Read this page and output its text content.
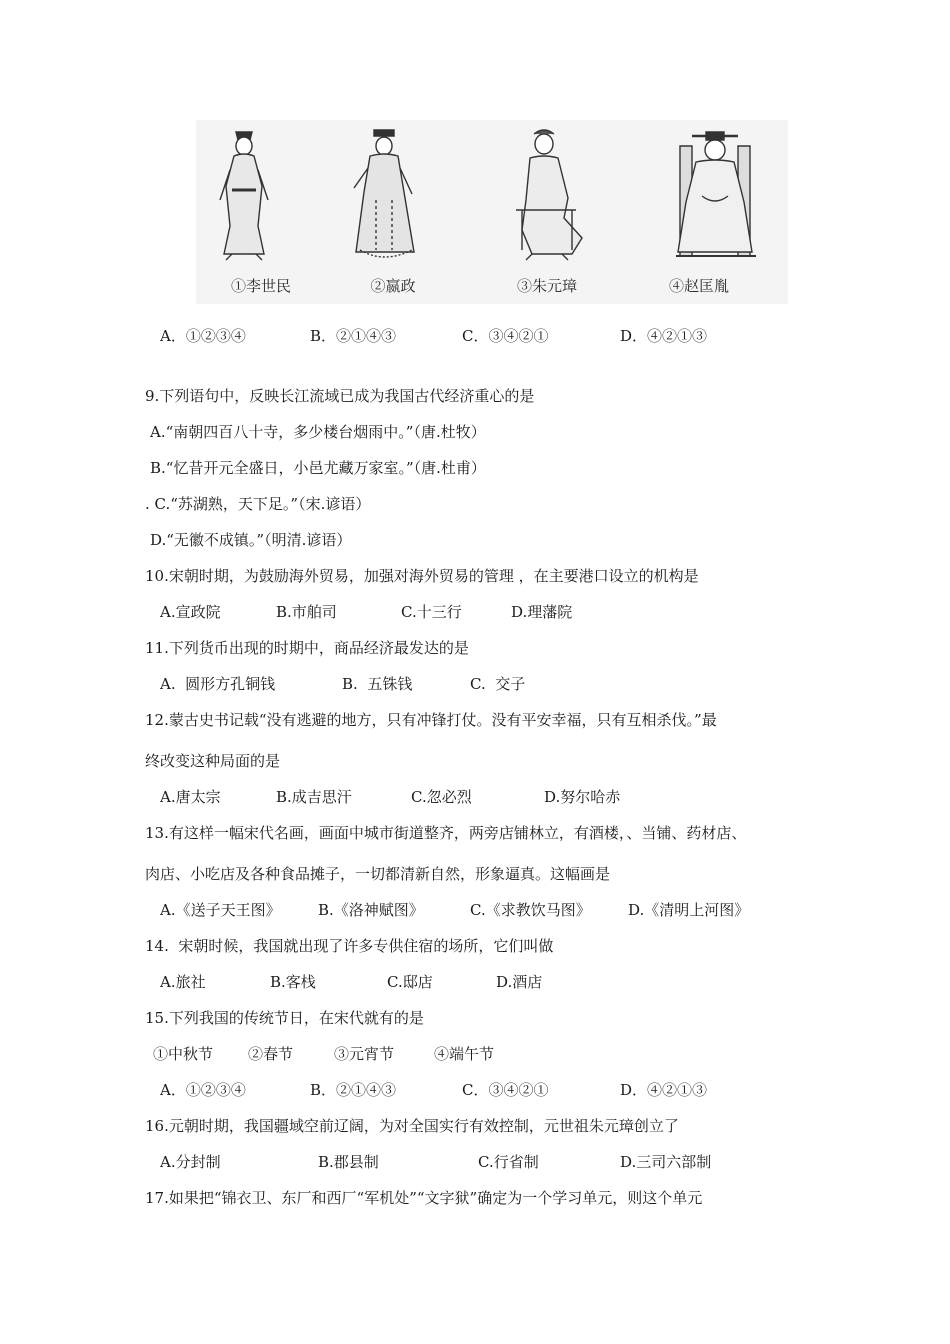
①李世民	②嬴政	③朱元璋	④赵匡胤
A．①②③④	B．②①④③	C．③④②①	D．④②①③
9.下列语句中，反映长江流域已成为我国古代经济重心的是
A.“南朝四百八十寺，多少楼台烟雨中。”（唐.杜牧）
B.“忆昔开元全盛日，小邑尤藏万家室。”（唐.杜甫）
. C.“苏湖熟，天下足。”（宋.谚语）
D.“无徽不成镇。”（明清.谚语）
10.宋朝时期，为鼓励海外贸易，加强对海外贸易的管理 ，在主要港口设立的机构是
A.宣政院	B.市舶司	C.十三行	D.理藩院
11.下列货币出现的时期中，商品经济最发达的是
A.  圆形方孔铜钱	B.  五铢钱	C.  交子
12.蒙古史书记载“没有逃避的地方，只有冲锋打仗。没有平安幸福，只有互相杀伐。”最
终改变这种局面的是
A.唐太宗	B.成吉思汗	C.忽必烈	D.努尔哈赤
13.有这样一幅宋代名画，画面中城市街道整齐，两旁店铺林立，有酒楼，、当铺、药材店、
肉店、小吃店及各种食品摊子，一切都清新自然，形象逼真。这幅画是
A.《送子天王图》 B.《洛神赋图》	C.《求教饮马图》 D.《清明上河图》
14.  宋朝时候，我国就出现了许多专供住宿的场所，它们叫做
A.旅社	B.客栈	C.邸店	D.酒店
15.下列我国的传统节日，在宋代就有的是
①中秋节 ②春节	③元宵节	④端午节
A．①②③④	B．②①④③	C．③④②①	D．④②①③
16.元朝时期，我国疆域空前辽阔，为对全国实行有效控制，元世祖朱元璋创立了
A.分封制	B.郡县制	C.行省制	D.三司六部制
17.如果把“锦衣卫、东厂和西厂“军机处”“文字狱”确定为一个学习单元，则这个单元
